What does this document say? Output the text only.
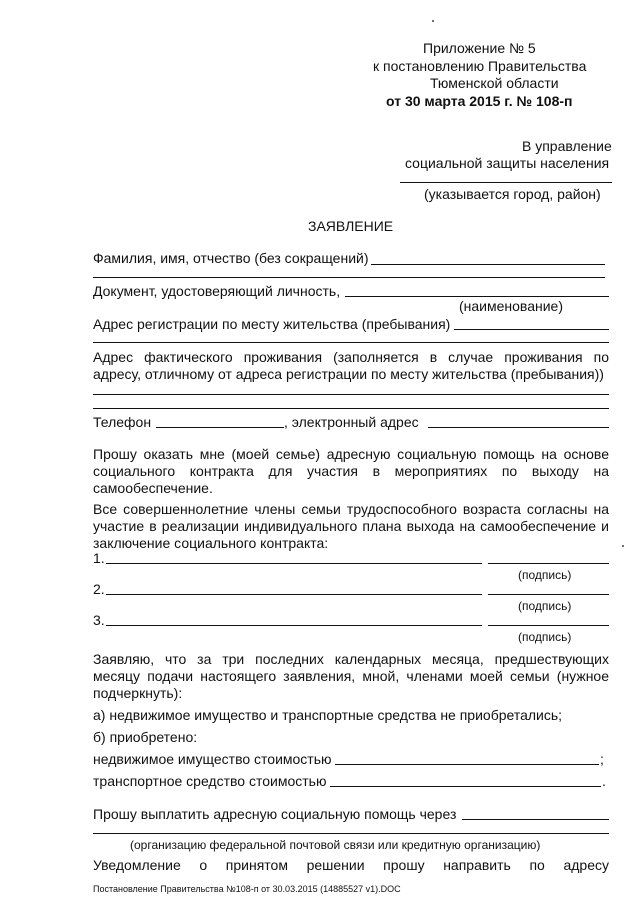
Приложение № 5
к постановлению Правительства
Тюменской области
от 30 марта 2015 г. № 108-п
В управление
социальной защиты населения
(указывается город, район)
ЗАЯВЛЕНИЕ
Фамилия, имя, отчество (без сокращений)
Документ, удостоверяющий личность,
(наименование)
Адрес регистрации по месту жительства (пребывания)
Адрес фактического проживания (заполняется в случае проживания по
адресу, отличному от адреса регистрации по месту жительства (пребывания))
Телефон	, электронный адрес
Прошу оказать мне (моей семье) адресную социальную помощь на основе
социального контракта для участия в мероприятиях по выходу на
самообеспечение.
Все совершеннолетние члены семьи трудоспособного возраста согласны на
участие в реализации индивидуального плана выхода на самообеспечение и
заключение социального контракта:
1.
(подпись)
2.
(подпись)
3.
(подпись)
Заявляю, что за три последних календарных месяца, предшествующих
месяцу подачи настоящего заявления, мной, членами моей семьи (нужное
подчеркнуть):
а) недвижимое имущество и транспортные средства не приобретались;
б) приобретено:
недвижимое имущество стоимостью	;
транспортное средство стоимостью	.
Прошу выплатить адресную социальную помощь через
(организацию федеральной почтовой связи или кредитную организацию)
Уведомление о принятом решении прошу направить по адресу
Постановление Правительства №108-п от 30.03.2015 (14885527 v1).DOC
